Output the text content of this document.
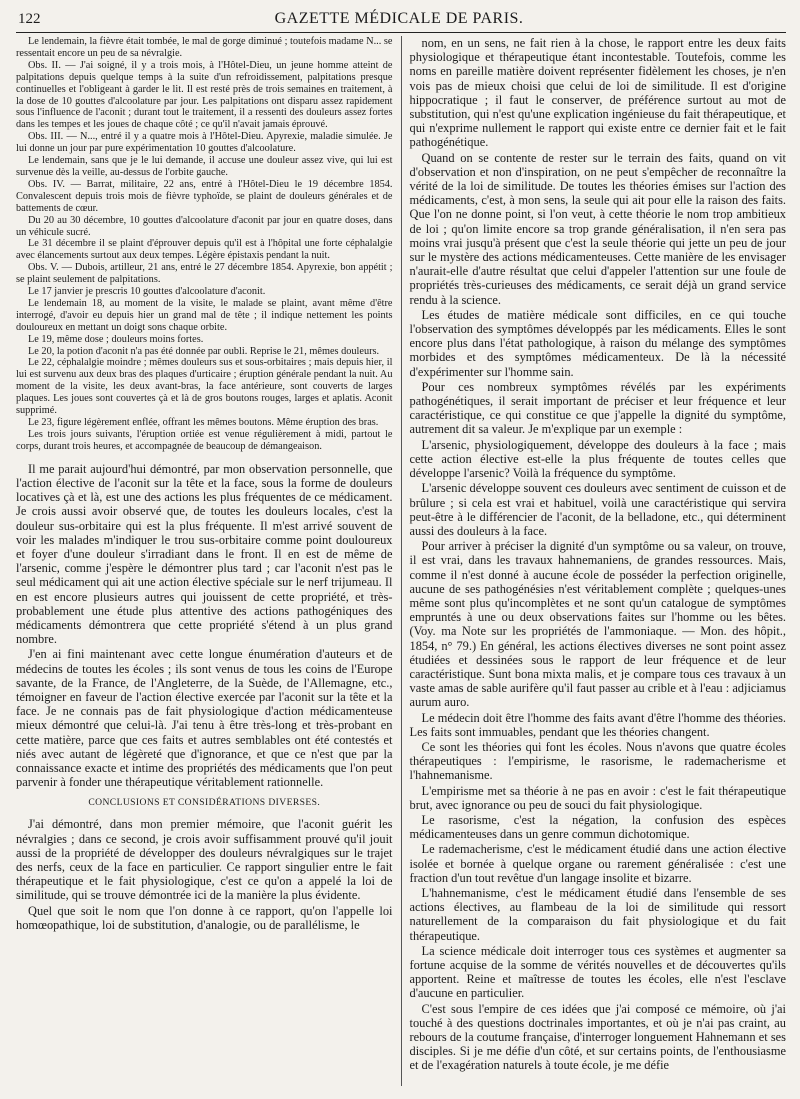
122	GAZETTE MÉDICALE DE PARIS.

Le lendemain, la fièvre était tombée, le mal de gorge diminué ; toutefois madame N... se ressentait encore un peu de sa névralgie.

Obs. II. — J'ai soigné, il y a trois mois, à l'Hôtel-Dieu, un jeune homme atteint de palpitations depuis quelque temps à la suite d'un refroidissement, palpitations presque continuelles et l'obligeant à garder le lit. Il est resté près de trois semaines en traitement, à la dose de 10 gouttes d'alcoolature par jour. Les palpitations ont disparu assez rapidement sous l'influence de l'aconit ; durant tout le traitement, il a ressenti des douleurs assez fortes dans les tempes et les joues de chaque côté ; ce qu'il n'avait jamais éprouvé.

Obs. III. — N..., entré il y a quatre mois à l'Hôtel-Dieu. Apyrexie, maladie simulée. Je lui donne un jour par pure expérimentation 10 gouttes d'alcoolature.

Le lendemain, sans que je le lui demande, il accuse une douleur assez vive, qui lui est survenue dès la veille, au-dessus de l'orbite gauche.

Obs. IV. — Barrat, militaire, 22 ans, entré à l'Hôtel-Dieu le 19 décembre 1854. Convalescent depuis trois mois de fièvre typhoïde, se plaint de douleurs générales et de battements de cœur.

Du 20 au 30 décembre, 10 gouttes d'alcoolature d'aconit par jour en quatre doses, dans un véhicule sucré.

Le 31 décembre il se plaint d'éprouver depuis qu'il est à l'hôpital une forte céphalalgie avec élancements surtout aux deux tempes. Légère épistaxis pendant la nuit.

Obs. V. — Dubois, artilleur, 21 ans, entré le 27 décembre 1854. Apyrexie, bon appétit ; se plaint seulement de palpitations.

Le 17 janvier je prescris 10 gouttes d'alcoolature d'aconit.

Le lendemain 18, au moment de la visite, le malade se plaint, avant même d'être interrogé, d'avoir eu depuis hier un grand mal de tête ; il indique nettement les points douloureux en mettant un doigt sons chaque orbite.

Le 19, même dose ; douleurs moins fortes.

Le 20, la potion d'aconit n'a pas été donnée par oubli. Reprise le 21, mêmes douleurs.

Le 22, céphalalgie moindre ; mêmes douleurs sus et sous-orbitaires ; mais depuis hier, il lui est survenu aux deux bras des plaques d'urticaire ; éruption générale pendant la nuit. Au moment de la visite, les deux avant-bras, la face antérieure, sont couverts de larges plaques. Les joues sont couvertes çà et là de gros boutons rouges, larges et aplatis. Aconit supprimé.

Le 23, figure légèrement enflée, offrant les mêmes boutons. Même éruption des bras.

Les trois jours suivants, l'éruption ortiée est venue régulièrement à midi, partout le corps, durant trois heures, et accompagnée de beaucoup de démangeaison.

Il me parait aujourd'hui démontré, par mon observation personnelle, que l'action élective de l'aconit sur la tête et la face, sous la forme de douleurs locatives çà et là, est une des actions les plus fréquentes de ce médicament. Je crois aussi avoir observé que, de toutes les douleurs locales, c'est la douleur sus-orbitaire qui est la plus fréquente. Il m'est arrivé souvent de voir les malades m'indiquer le trou sus-orbitaire comme point douloureux et foyer d'une douleur s'irradiant dans le front. Il en est de même de l'arsenic, comme j'espère le démontrer plus tard ; car l'aconit n'est pas le seul médicament qui ait une action élective spéciale sur le nerf trijumeau. Il en est encore plusieurs autres qui jouissent de cette propriété, et très-probablement une étude plus attentive des actions pathogéniques des médicaments démontrera que cette propriété s'étend à un plus grand nombre.

J'en ai fini maintenant avec cette longue énumération d'auteurs et de médecins de toutes les écoles ; ils sont venus de tous les coins de l'Europe savante, de la France, de l'Angleterre, de la Suède, de l'Allemagne, etc., témoigner en faveur de l'action élective exercée par l'aconit sur la tête et la face. Je ne connais pas de fait physiologique d'action médicamenteuse mieux démontré que celui-là. J'ai tenu à être très-long et très-probant en cette matière, parce que ces faits et autres semblables ont été contestés et niés avec autant de légèreté que d'ignorance, et que ce n'est que par la connaissance exacte et intime des propriétés des médicaments que l'on peut parvenir à fonder une thérapeutique véritablement rationnelle.

CONCLUSIONS ET CONSIDÉRATIONS DIVERSES.

J'ai démontré, dans mon premier mémoire, que l'aconit guérit les névralgies ; dans ce second, je crois avoir suffisamment prouvé qu'il jouit aussi de la propriété de développer des douleurs névralgiques sur le trajet des nerfs, ceux de la face en particulier. Ce rapport singulier entre le fait thérapeutique et le fait physiologique, c'est ce qu'on a appelé la loi de similitude, qui se trouve démontrée ici de la manière la plus évidente.

Quel que soit le nom que l'on donne à ce rapport, qu'on l'appelle loi homœopathique, loi de substitution, d'analogie, ou de parallélisme, le

nom, en un sens, ne fait rien à la chose, le rapport entre les deux faits physiologique et thérapeutique étant incontestable. Toutefois, comme les noms en pareille matière doivent représenter fidèlement les choses, je n'en vois pas de mieux choisi que celui de loi de similitude. Il est d'origine hippocratique ; il faut le conserver, de préférence surtout au mot de substitution, qui n'est qu'une explication ingénieuse du fait thérapeutique, et qui n'exprime nullement le rapport qui existe entre ce dernier fait et le fait pathogénétique.

Quand on se contente de rester sur le terrain des faits, quand on vit d'observation et non d'inspiration, on ne peut s'empêcher de reconnaître la vérité de la loi de similitude. De toutes les théories émises sur l'action des médicaments, c'est, à mon sens, la seule qui ait pour elle la raison des faits. Que l'on ne donne point, si l'on veut, à cette théorie le nom trop ambitieux de loi ; qu'on limite encore sa trop grande généralisation, il n'en sera pas moins vrai jusqu'à présent que c'est la seule théorie qui jette un peu de jour sur le mystère des actions médicamenteuses. Cette manière de les envisager n'aurait-elle d'autre résultat que celui d'appeler l'attention sur une foule de propriétés très-curieuses des médicaments, ce serait déjà un grand service rendu à la science.

Les études de matière médicale sont difficiles, en ce qui touche l'observation des symptômes développés par les médicaments. Elles le sont encore plus dans l'état pathologique, à raison du mélange des symptômes morbides et des symptômes médicamenteux. De là la nécessité d'expérimenter sur l'homme sain.

Pour ces nombreux symptômes révélés par les expériments pathogénétiques, il serait important de préciser et leur fréquence et leur caractéristique, ce qui constitue ce que j'appelle la dignité du symptôme, autrement dit sa valeur. Je m'explique par un exemple :

L'arsenic, physiologiquement, développe des douleurs à la face ; mais cette action élective est-elle la plus fréquente de toutes celles que développe l'arsenic? Voilà la fréquence du symptôme.

L'arsenic développe souvent ces douleurs avec sentiment de cuisson et de brûlure ; si cela est vrai et habituel, voilà une caractéristique qui servira peut-être à le différencier de l'aconit, de la belladone, etc., qui déterminent aussi des douleurs à la face.

Pour arriver à préciser la dignité d'un symptôme ou sa valeur, on trouve, il est vrai, dans les travaux hahnemaniens, de grandes ressources. Mais, comme il n'est donné à aucune école de posséder la perfection originelle, aucune de ses pathogénésies n'est véritablement complète ; quelques-unes même sont plus qu'incomplètes et ne sont qu'un catalogue de symptômes empruntés à une ou deux observations faites sur l'homme ou les bêtes. (Voy. ma Note sur les propriétés de l'ammoniaque. — Mon. des hôpit., 1854, n° 79.) En général, les actions électives diverses ne sont point assez étudiées et dessinées sous le rapport de leur fréquence et de leur caractéristique. Sunt bona mixta malis, et je compare tous ces travaux à un vaste amas de sable aurifère qu'il faut passer au crible et à l'eau : adjiciamus aurum auro.

Le médecin doit être l'homme des faits avant d'être l'homme des théories. Les faits sont immuables, pendant que les théories changent.

Ce sont les théories qui font les écoles. Nous n'avons que quatre écoles thérapeutiques : l'empirisme, le rasorisme, le rademacherisme et l'hahnemanisme.

L'empirisme met sa théorie à ne pas en avoir : c'est le fait thérapeutique brut, avec ignorance ou peu de souci du fait physiologique.

Le rasorisme, c'est la négation, la confusion des espèces médicamenteuses dans un genre commun dichotomique.

Le rademacherisme, c'est le médicament étudié dans une action élective isolée et bornée à quelque organe ou rarement généralisée : c'est une fraction d'un tout revêtue d'un langage insolite et bizarre.

L'hahnemanisme, c'est le médicament étudié dans l'ensemble de ses actions électives, au flambeau de la loi de similitude qui ressort naturellement de la comparaison du fait physiologique et du fait thérapeutique.

La science médicale doit interroger tous ces systèmes et augmenter sa fortune acquise de la somme de vérités nouvelles et de découvertes qu'ils apportent. Reine et maîtresse de toutes les écoles, elle n'est l'esclave d'aucune en particulier.

C'est sous l'empire de ces idées que j'ai composé ce mémoire, où j'ai touché à des questions doctrinales importantes, et où je n'ai pas craint, au rebours de la coutume française, d'interroger longuement Hahnemann et ses disciples. Si je me défie d'un côté, et sur certains points, de l'enthousiasme et de l'exagération naturels à toute école, je me défie
